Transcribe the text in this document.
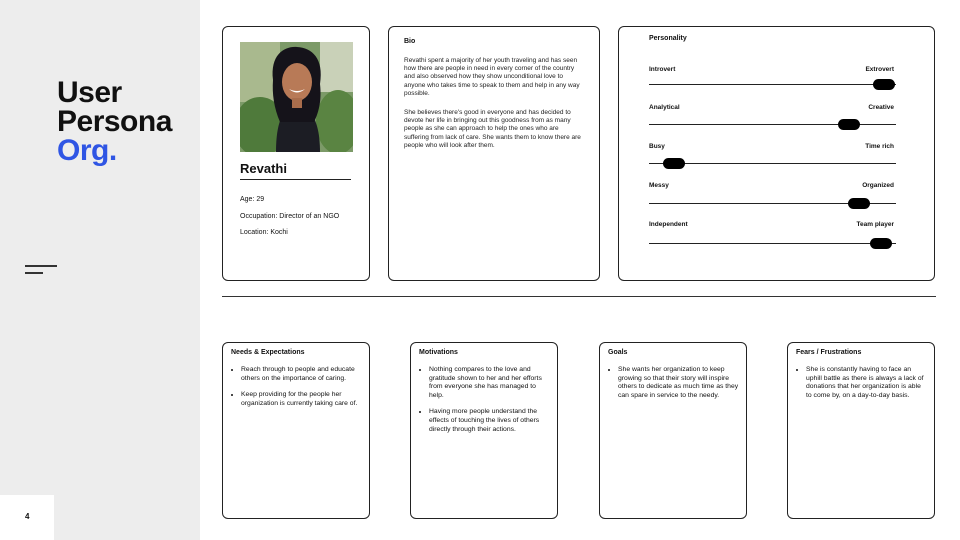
User
Persona
Org.
4
Revathi
Age: 29
Occupation: Director of an NGO
Location: Kochi
Bio

Revathi spent a majority of her youth traveling and has seen how there are people in need in every corner of the country and also observed how they show unconditional love to anyone who takes time to speak to them and help in any way possible.

She believes there's good in everyone and has decided to devote her life in bringing out this goodness from as many people as she can approach to help the ones who are suffering from lack of care. She wants them to know there are people who will look after them.

Personality
Introvert	Extrovert
Analytical	Creative
Busy	Time rich
Messy	Organized
Independent	Team player
Needs & Expectations
• Reach through to people and educate others on the importance of caring.
• Keep providing for the people her organization is currently taking care of.
Motivations
• Nothing compares to the love and gratitude shown to her and her efforts from everyone she has managed to help.
• Having more people understand the effects of touching the lives of others directly through their actions.
Goals
• She wants her organization to keep growing so that their story will inspire others to dedicate as much time as they can spare in service to the needy.
Fears / Frustrations
• She is constantly having to face an uphill battle as there is always a lack of donations that her organization is able to come by, on a day-to-day basis.
